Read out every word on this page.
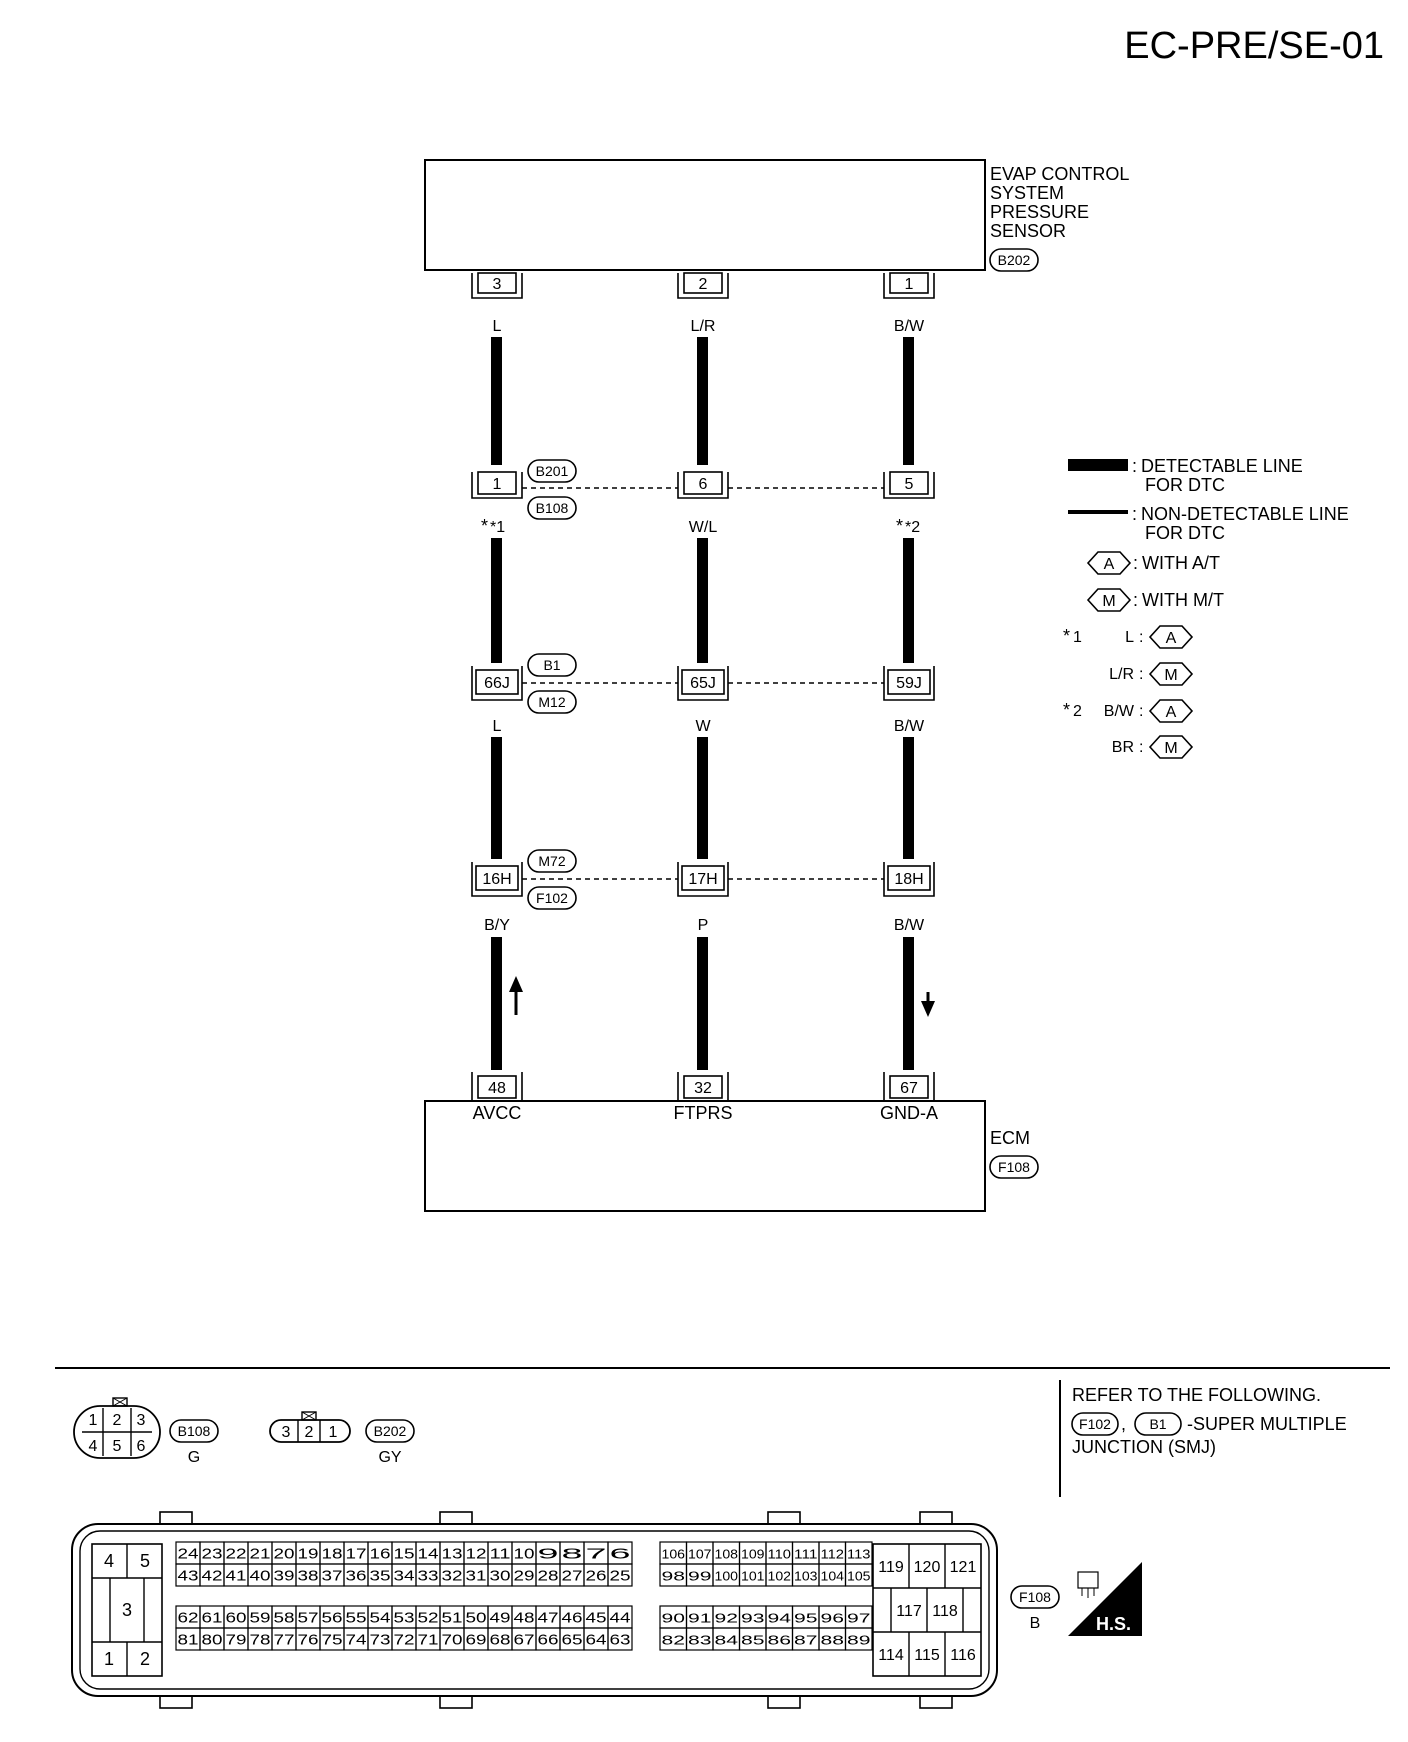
EC-PRE/SE-01
EVAP CONTROL
SYSTEM
PRESSURE
SENSOR
B202
3	2	1
L	L/R	B/W
1	6	5
B201
B108
* *1	W/L	* *2
66J	65J	59J
B1
M12
L	W	B/W
16H	17H	18H
M72
F102
B/Y	P	B/W
48	32	67
AVCC	FTPRS	GND-A
ECM
F108
: DETECTABLE LINE
FOR DTC
: NON-DETECTABLE LINE
FOR DTC
A : WITH A/T
M : WITH M/T
* 1	L : A
L/R : M
* 2 B/W : A
BR : M
REFER TO THE FOLLOWING.
F102 , B1 -SUPER MULTIPLE
JUNCTION (SMJ)
1 2 3
4 5 6
B108
G
3 2 1	B202
GY
4 5
3
1 2
24 23 22 21 20 19 18 17 16 15 14 13 12 11 10 9 8 7 6
43 42 41 40 39 38 37 36 35 34 33 32 31 30 29 28 27 26 25
62 61 60 59 58 57 56 55 54 53 52 51 50 49 48 47 46 45 44
81 80 79 78 77 76 75 74 73 72 71 70 69 68 67 66 65 64 63
106 107 108 109 110 111 112 113
98 99 100 101 102 103 104 105
90 91 92 93 94 95 96 97
82 83 84 85 86 87 88 89
119 120 121
117 118
114 115 116
F108
B	H.S.
